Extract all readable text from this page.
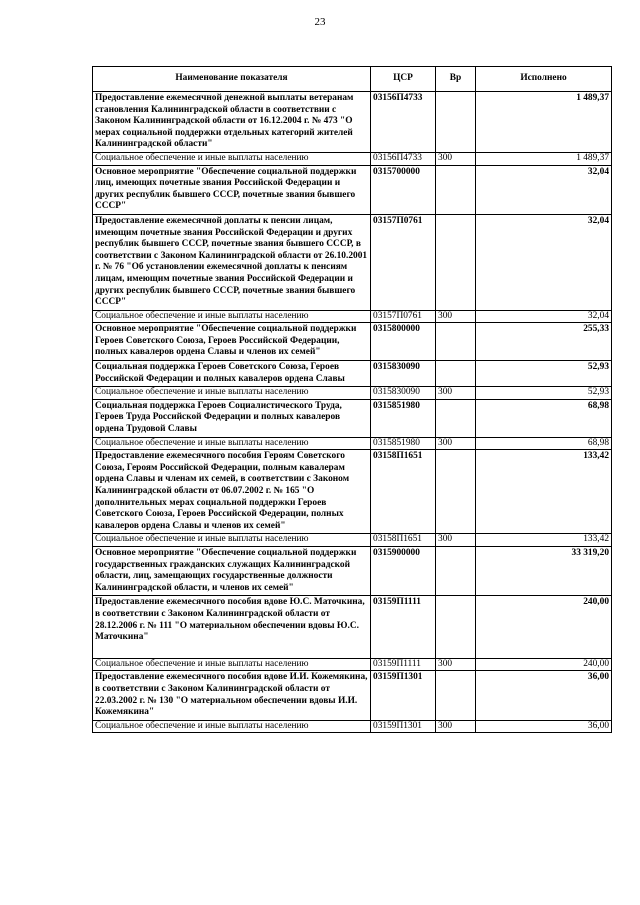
23
Наименование показателя	ЦСР	Вр	Исполнено
Предоставление ежемесячной денежной выплаты ветеранам становления Калининградской области в соответствии с Законом Калининградской области от 16.12.2004 г. № 473 "О мерах социальной поддержки отдельных категорий жителей Калининградской области"	03156П4733		1 489,37
Социальное обеспечение и иные выплаты населению	03156П4733	300	1 489,37
Основное мероприятие "Обеспечение социальной поддержки лиц, имеющих почетные звания Российской Федерации и других республик бывшего СССР, почетные звания бывшего СССР"	0315700000		32,04
Предоставление ежемесячной доплаты к пенсии лицам, имеющим почетные звания Российской Федерации и других республик бывшего СССР, почетные звания бывшего СССР, в соответствии с Законом Калининградской области от 26.10.2001 г. № 76 "Об установлении ежемесячной доплаты к пенсиям лицам, имеющим почетные звания Российской Федерации и других республик бывшего СССР, почетные звания бывшего СССР"	03157П0761		32,04
Социальное обеспечение и иные выплаты населению	03157П0761	300	32,04
Основное мероприятие "Обеспечение социальной поддержки Героев Советского Союза, Героев Российской Федерации, полных кавалеров ордена Славы и членов их семей"	0315800000		255,33
Социальная поддержка Героев Советского Союза, Героев Российской Федерации и полных кавалеров ордена Славы	0315830090		52,93
Социальное обеспечение и иные выплаты населению	0315830090	300	52,93
Социальная поддержка Героев Социалистического Труда, Героев Труда Российской Федерации и полных кавалеров ордена Трудовой Славы	0315851980		68,98
Социальное обеспечение и иные выплаты населению	0315851980	300	68,98
Предоставление ежемесячного пособия Героям Советского Союза, Героям Российской Федерации, полным кавалерам ордена Славы и членам их семей, в соответствии с Законом Калининградской области от 06.07.2002 г. № 165 "О дополнительных мерах социальной поддержки Героев Советского Союза, Героев Российской Федерации, полных кавалеров ордена Славы и членов их семей"	03158П1651		133,42
Социальное обеспечение и иные выплаты населению	03158П1651	300	133,42
Основное мероприятие "Обеспечение социальной поддержки государственных гражданских служащих Калининградской области, лиц, замещающих государственные должности Калининградской области, и членов их семей"	0315900000		33 319,20
Предоставление ежемесячного пособия вдове Ю.С. Маточкина, в соответствии с Законом Калининградской области от 28.12.2006 г. № 111 "О материальном обеспечении вдовы Ю.С. Маточкина"	03159П1111		240,00
Социальное обеспечение и иные выплаты населению	03159П1111	300	240,00
Предоставление ежемесячного пособия вдове И.И. Кожемякина, в соответствии с Законом Калининградской области от 22.03.2002 г. № 130 "О материальном обеспечении вдовы И.И. Кожемякина"	03159П1301		36,00
Социальное обеспечение и иные выплаты населению	03159П1301	300	36,00
